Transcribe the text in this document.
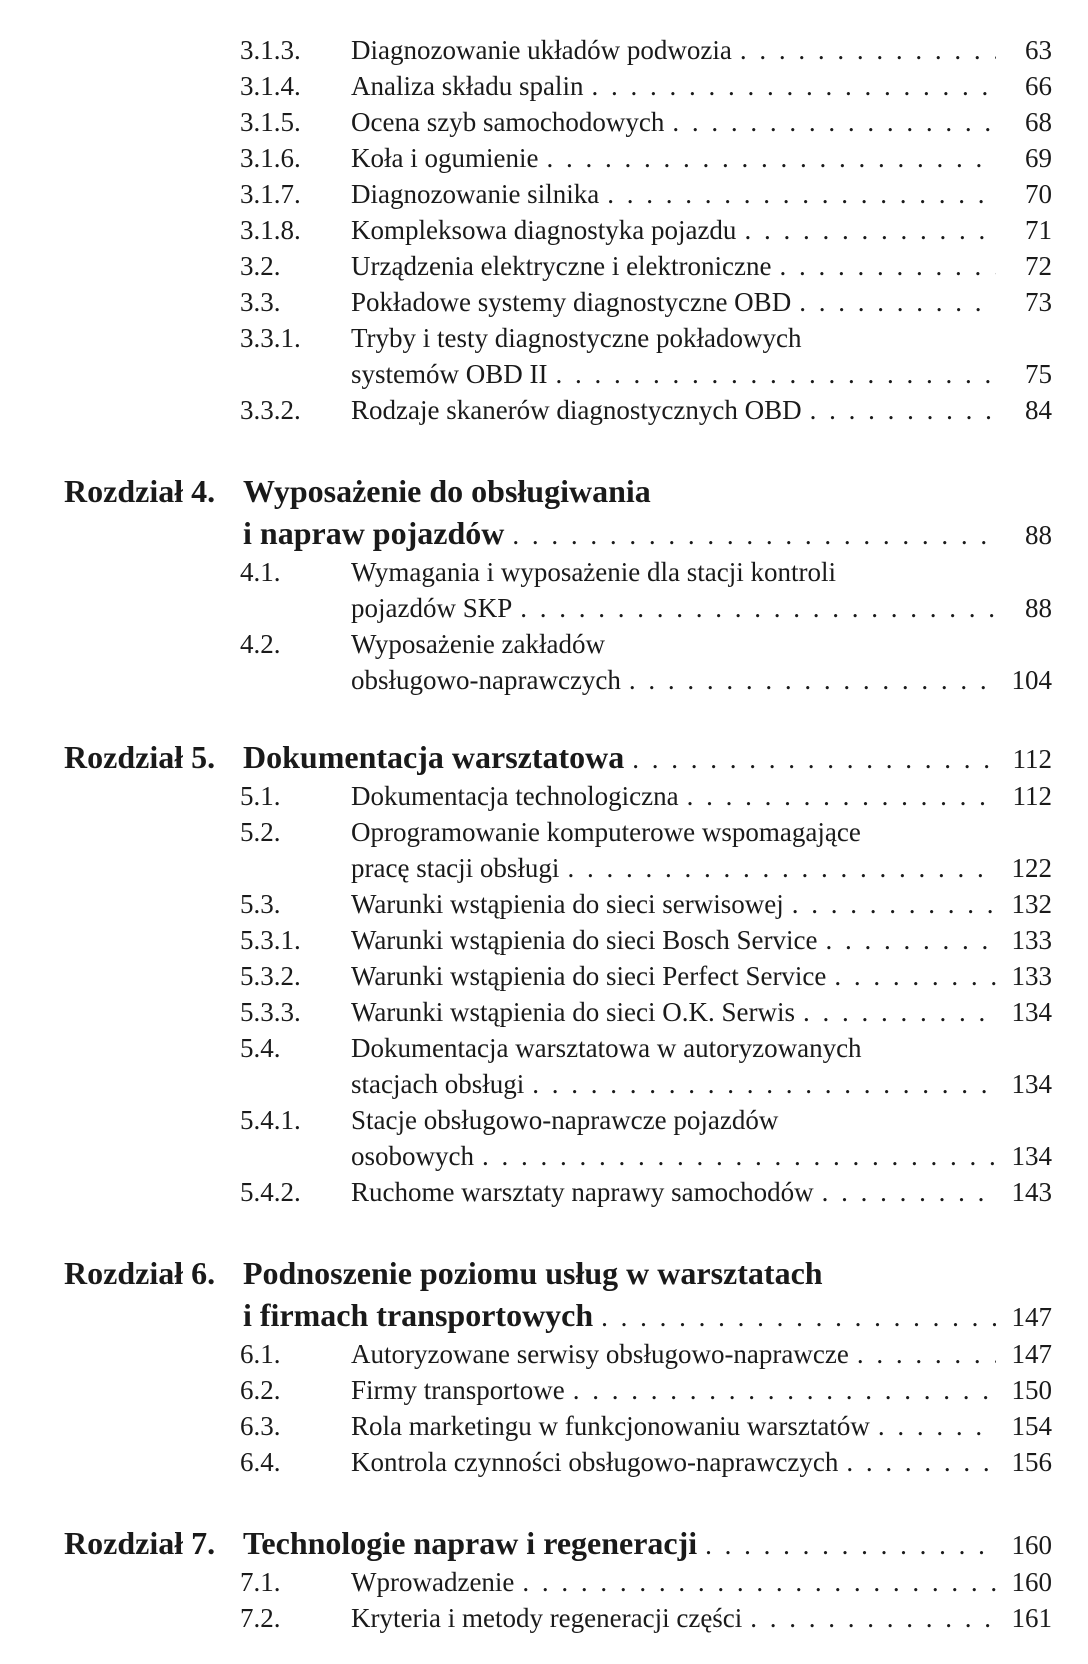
3.1.3. Diagnozowanie układów podwozia . . .	63
3.1.4. Analiza składu spalin . . .	66
3.1.5. Ocena szyb samochodowych . . .	68
3.1.6. Koła i ogumienie . . .	69
3.1.7. Diagnozowanie silnika . . .	70
3.1.8. Kompleksowa diagnostyka pojazdu . . .	71
3.2.	Urządzenia elektryczne i elektroniczne . . .	72
3.3.	Pokładowe systemy diagnostyczne OBD . . .	73
3.3.1. Tryby i testy diagnostyczne pokładowych
systemów OBD II . . .	75
3.3.2. Rodzaje skanerów diagnostycznych OBD . . .	84
Rozdział 4. Wyposażenie do obsługiwania
i napraw pojazdów . . .	88
4.1.	Wymagania i wyposażenie dla stacji kontroli
pojazdów SKP . . .	88
4.2.	Wyposażenie zakładów
obsługowo-naprawczych . . .	104
Rozdział 5. Dokumentacja warsztatowa . . .	112
5.1.	Dokumentacja technologiczna . . .	112
5.2.	Oprogramowanie komputerowe wspomagające
pracę stacji obsługi . . .	122
5.3.	Warunki wstąpienia do sieci serwisowej . . .	132
5.3.1. Warunki wstąpienia do sieci Bosch Service . . .	133
5.3.2. Warunki wstąpienia do sieci Perfect Service . . .	133
5.3.3. Warunki wstąpienia do sieci O.K. Serwis . . .	134
5.4.	Dokumentacja warsztatowa w autoryzowanych
stacjach obsługi . . .	134
5.4.1. Stacje obsługowo-naprawcze pojazdów
osobowych . . .	134
5.4.2. Ruchome warsztaty naprawy samochodów . . .	143
Rozdział 6. Podnoszenie poziomu usług w warsztatach
i firmach transportowych . . .	147
6.1.	Autoryzowane serwisy obsługowo-naprawcze . . .	147
6.2.	Firmy transportowe . . .	150
6.3.	Rola marketingu w funkcjonowaniu warsztatów . . .	154
6.4.	Kontrola czynności obsługowo-naprawczych . . .	156
Rozdział 7. Technologie napraw i regeneracji . . .	160
7.1.	Wprowadzenie . . .	160
7.2.	Kryteria i metody regeneracji części . . .	161
